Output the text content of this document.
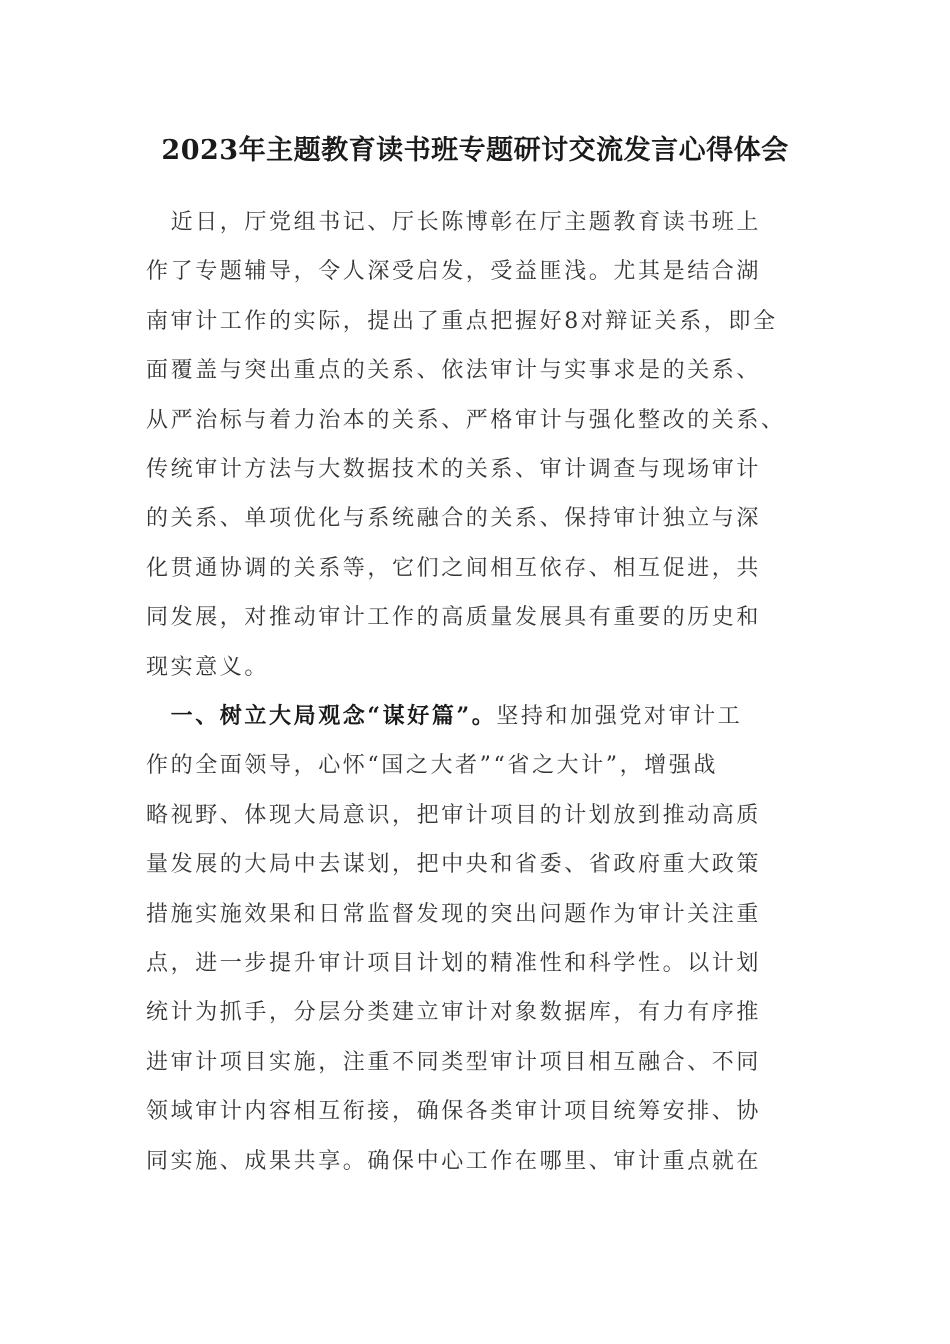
2023年主题教育读书班专题研讨交流发言心得体会
　近日，厅党组书记、厅长陈博彰在厅主题教育读书班上
作了专题辅导，令人深受启发，受益匪浅。尤其是结合湖
南审计工作的实际，提出了重点把握好8对辩证关系，即全
面覆盖与突出重点的关系、依法审计与实事求是的关系、
从严治标与着力治本的关系、严格审计与强化整改的关系、
传统审计方法与大数据技术的关系、审计调查与现场审计
的关系、单项优化与系统融合的关系、保持审计独立与深
化贯通协调的关系等，它们之间相互依存、相互促进，共
同发展，对推动审计工作的高质量发展具有重要的历史和
现实意义。
　一、树立大局观念“谋好篇”。坚持和加强党对审计工
作的全面领导，心怀“国之大者”“省之大计”，增强战
略视野、体现大局意识，把审计项目的计划放到推动高质
量发展的大局中去谋划，把中央和省委、省政府重大政策
措施实施效果和日常监督发现的突出问题作为审计关注重
点，进一步提升审计项目计划的精准性和科学性。以计划
统计为抓手，分层分类建立审计对象数据库，有力有序推
进审计项目实施，注重不同类型审计项目相互融合、不同
领域审计内容相互衔接，确保各类审计项目统筹安排、协
同实施、成果共享。确保中心工作在哪里、审计重点就在
